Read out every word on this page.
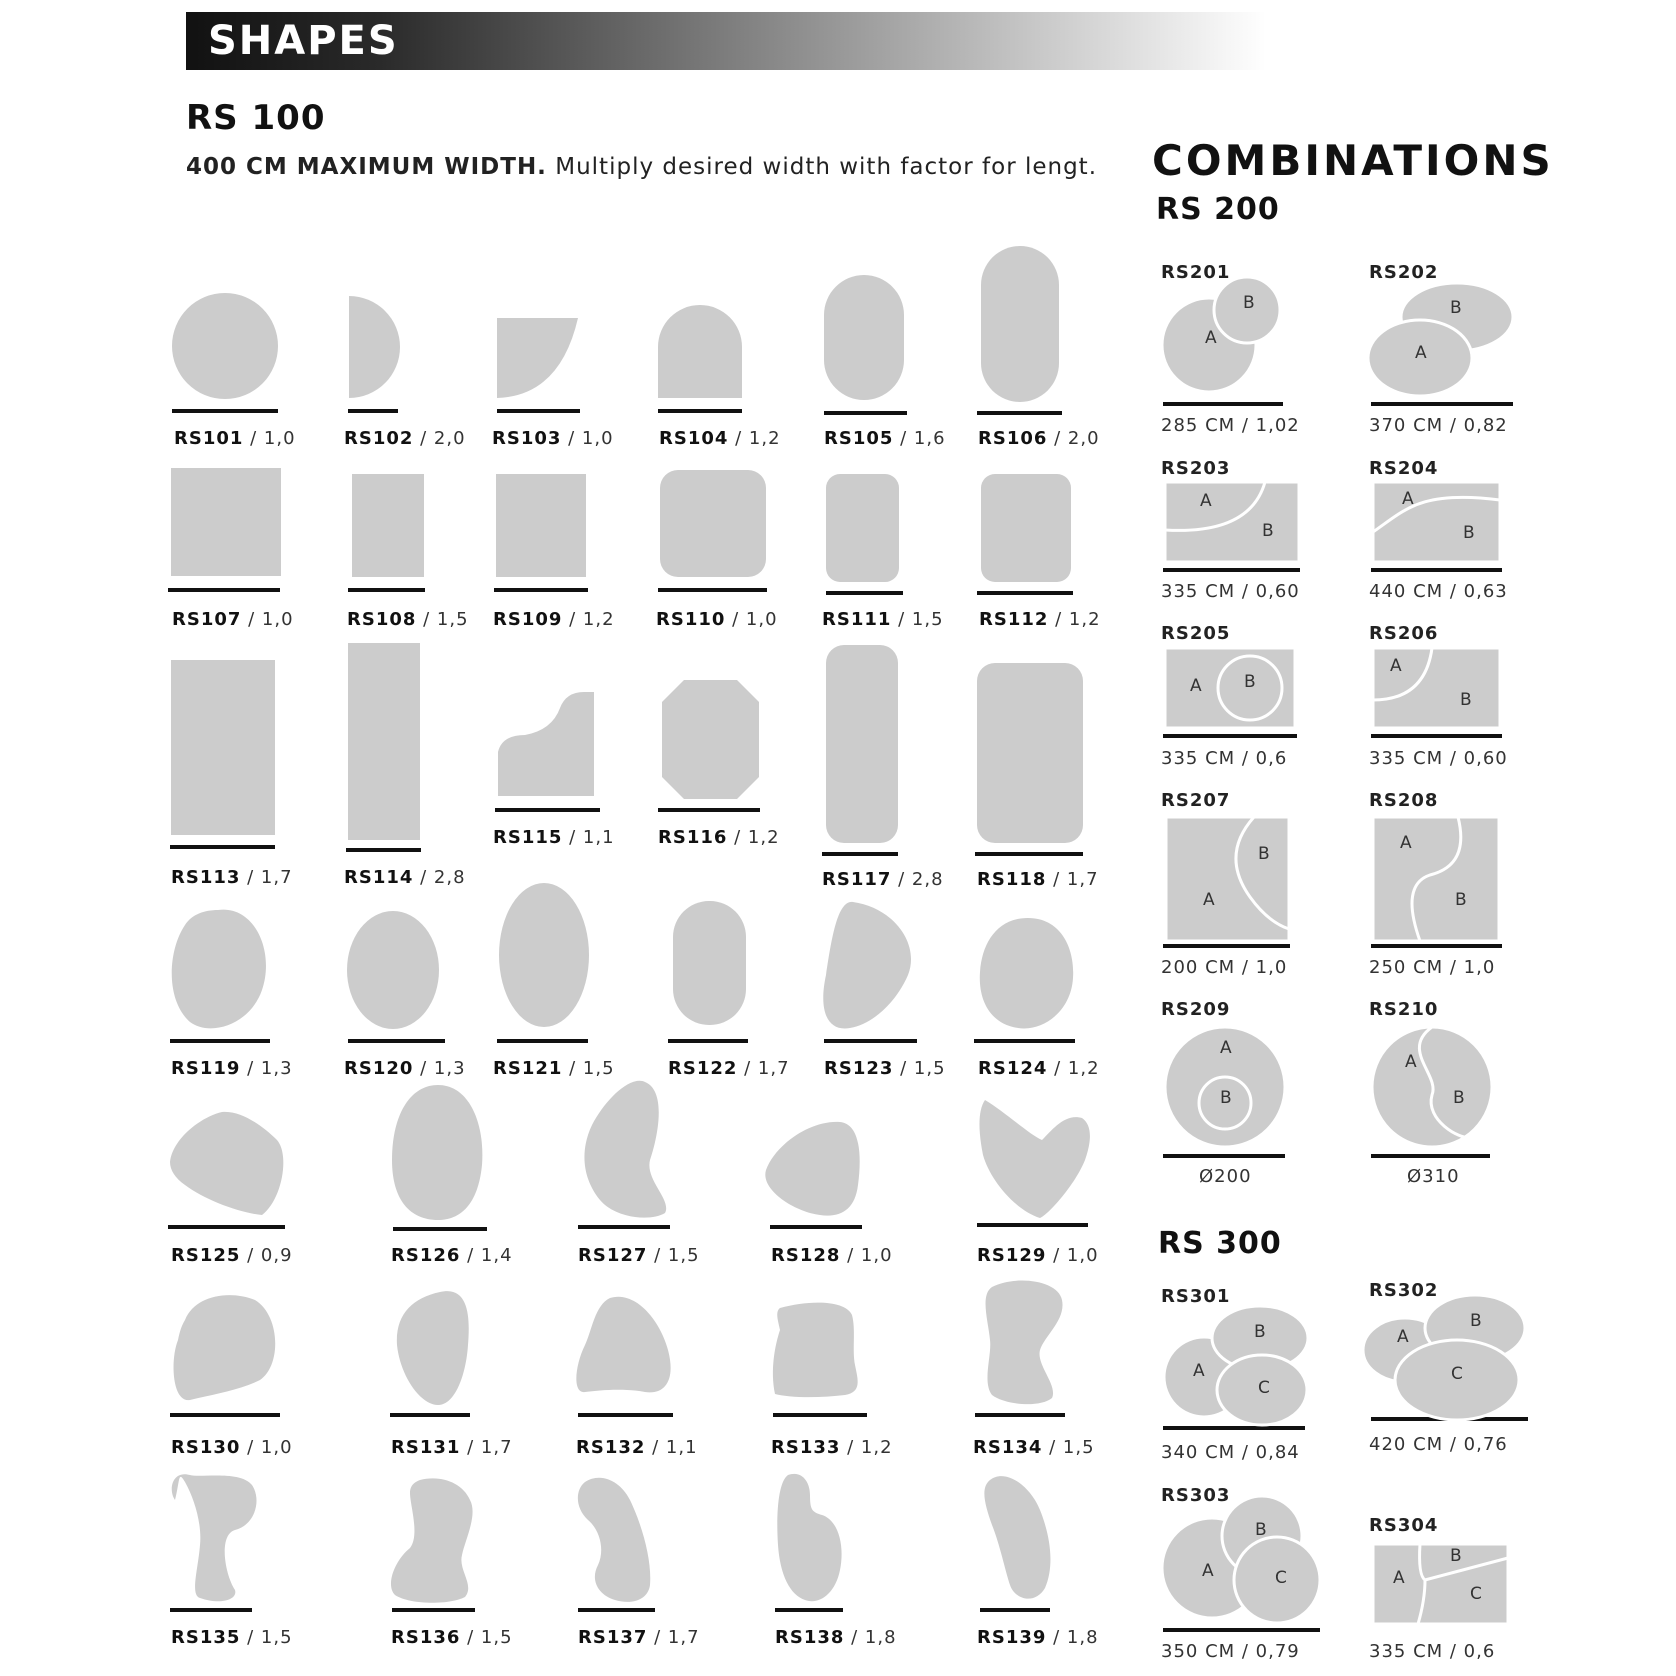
SHAPES
RS 100
400 CM MAXIMUM WIDTH. Multiply desired width with factor for lengt. COMBINATIONS
RS 200
RS 300
RS101 / 1,0	RS102 / 2,0 RS103 / 1,0	RS104 / 1,2 RS105 / 1,6 RS106 / 2,0
RS107 / 1,0	RS108 / 1,5 RS109 / 1,2 RS110 / 1,0 RS111 / 1,5 RS112 / 1,2
RS113 / 1,7	RS114 / 2,8
RS115 / 1,1 RS116 / 1,2
RS117 / 2,8 RS118 / 1,7
RS119 / 1,3	RS120 / 1,3 RS121 / 1,5	RS122 / 1,7 RS123 / 1,5 RS124 / 1,2
RS125 / 0,9	RS126 / 1,4	RS127 / 1,5	RS128 / 1,0	RS129 / 1,0
RS130 / 1,0	RS131 / 1,7	RS132 / 1,1	RS133 / 1,2	RS134 / 1,5
RS135 / 1,5	RS136 / 1,5	RS137 / 1,7	RS138 / 1,8	RS139 / 1,8
RS201
285 CM / 1,02
RS202
370 CM / 0,82
RS203
335 CM / 0,60
RS204
440 CM / 0,63
RS205
335 CM / 0,6
RS206
335 CM / 0,60
RS207
200 CM / 1,0
RS208
250 CM / 1,0
RS209
Ø200
RS210
Ø310
RS301
340 CM / 0,84
RS302
420 CM / 0,76
RS303
350 CM / 0,79
RS304
335 CM / 0,6
A
B	B
A
A
B
A
B
A B
A
B
A
B
A
B
A
B
A
B
A
B
C
A
B
C
A
B
C	A
B
C
